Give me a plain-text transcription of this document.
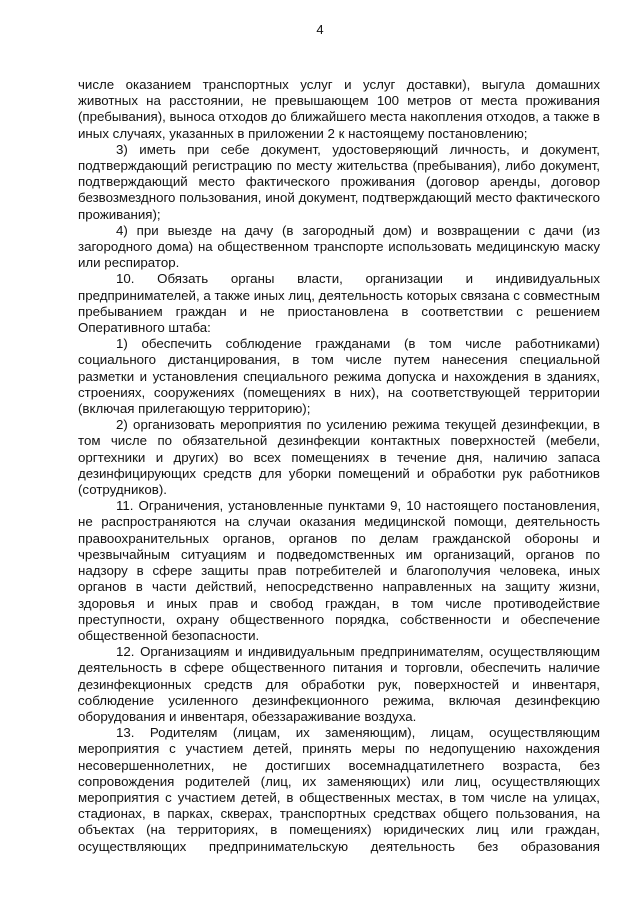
4

числе оказанием транспортных услуг и услуг доставки), выгула домашних животных на расстоянии, не превышающем 100 метров от места проживания (пребывания), выноса отходов до ближайшего места накопления отходов, а также в иных случаях, указанных в приложении 2 к настоящему постановлению;

3) иметь при себе документ, удостоверяющий личность, и документ, подтверждающий регистрацию по месту жительства (пребывания), либо документ, подтверждающий место фактического проживания (договор аренды, договор безвозмездного пользования, иной документ, подтверждающий место фактического проживания);

4) при выезде на дачу (в загородный дом) и возвращении с дачи (из загородного дома) на общественном транспорте использовать медицинскую маску или респиратор.

10. Обязать органы власти, организации и индивидуальных предпринимателей, а также иных лиц, деятельность которых связана с совместным пребыванием граждан и не приостановлена в соответствии с решением Оперативного штаба:

1) обеспечить соблюдение гражданами (в том числе работниками) социального дистанцирования, в том числе путем нанесения специальной разметки и установления специального режима допуска и нахождения в зданиях, строениях, сооружениях (помещениях в них), на соответствующей территории (включая прилегающую территорию);

2) организовать мероприятия по усилению режима текущей дезинфекции, в том числе по обязательной дезинфекции контактных поверхностей (мебели, оргтехники и других) во всех помещениях в течение дня, наличию запаса дезинфицирующих средств для уборки помещений и обработки рук работников (сотрудников).

11. Ограничения, установленные пунктами 9, 10 настоящего постановления, не распространяются на случаи оказания медицинской помощи, деятельность правоохранительных органов, органов по делам гражданской обороны и чрезвычайным ситуациям и подведомственных им организаций, органов по надзору в сфере защиты прав потребителей и благополучия человека, иных органов в части действий, непосредственно направленных на защиту жизни, здоровья и иных прав и свобод граждан, в том числе противодействие преступности, охрану общественного порядка, собственности и обеспечение общественной безопасности.

12. Организациям и индивидуальным предпринимателям, осуществляющим деятельность в сфере общественного питания и торговли, обеспечить наличие дезинфекционных средств для обработки рук, поверхностей и инвентаря, соблюдение усиленного дезинфекционного режима, включая дезинфекцию оборудования и инвентаря, обеззараживание воздуха.

13. Родителям (лицам, их заменяющим), лицам, осуществляющим мероприятия с участием детей, принять меры по недопущению нахождения несовершеннолетних, не достигших восемнадцатилетнего возраста, без сопровождения родителей (лиц, их заменяющих) или лиц, осуществляющих мероприятия с участием детей, в общественных местах, в том числе на улицах, стадионах, в парках, скверах, транспортных средствах общего пользования, на объектах (на территориях, в помещениях) юридических лиц или граждан, осуществляющих предпринимательскую деятельность без образования
